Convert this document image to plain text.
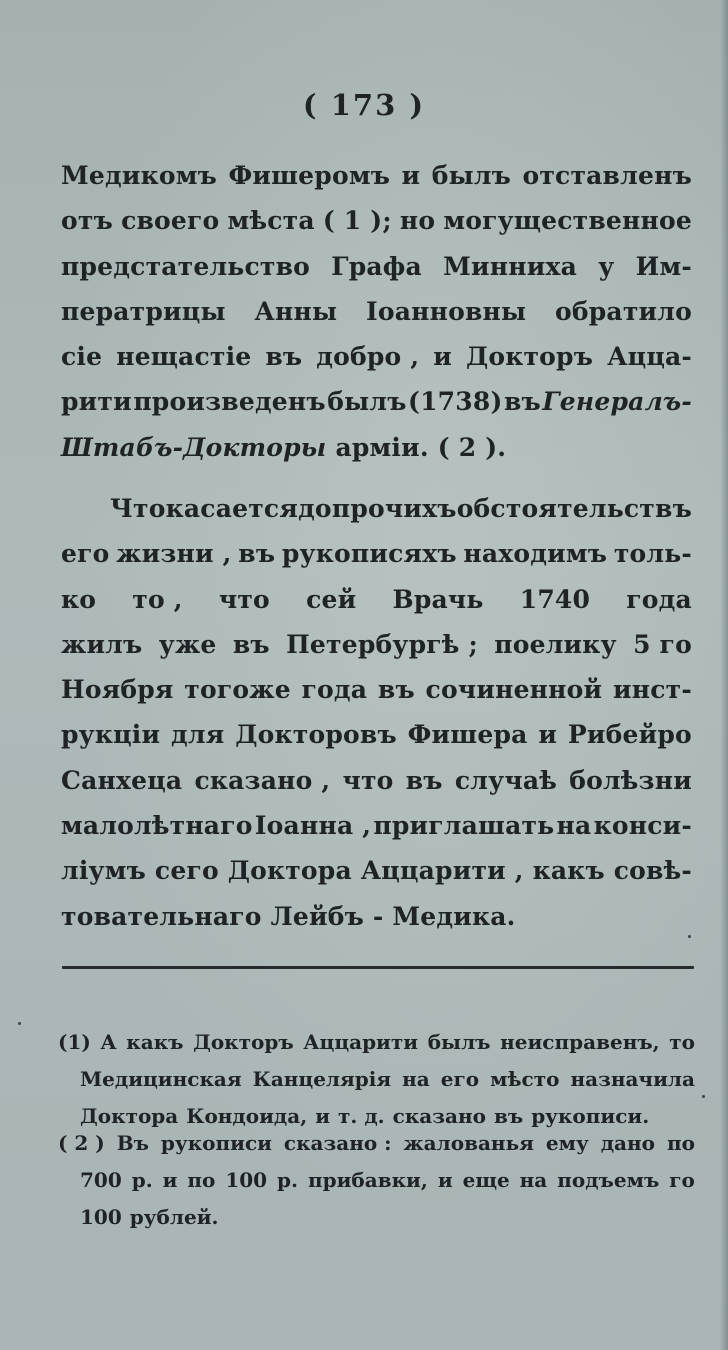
( 173 )
Медикомъ Фишеромъ и былъ отставленъ
отъ своего мѣста ( 1 ); но могущественное
предстательство Графа Минниха у Им-
ператрицы Анны Іоанновны обратило
сіе нещастіе въ добро , и Докторъ Аццa-
рити произведенъ былъ (1738) въ Генералъ-
Штабъ-Докторы арміи. ( 2 ).
Что касается до прочихъ обстоятельствъ
его жизни , въ рукописяхъ находимъ толь-
ко то , что сей Врачь 1740 года
жилъ уже въ Петербургѣ ; поелику 5 го
Ноября тогоже года въ сочиненной инст-
рукціи для Докторовъ Фишера и Рибейро
Санхеца сказано , что въ случаѣ болѣзни
малолѣтнаго Іоанна , приглашать на конси-
ліумъ сего Доктора Аццарити , какъ совѣ-
товательнаго Лейбъ - Медика.
(1) А какъ Докторъ Аццарити былъ неисправенъ, то
Медицинская Канцелярія на его мѣсто назначила
Доктора Кондоида, и т. д. сказано въ рукописи.
( 2 ) Въ рукописи сказано : жалованья ему дано по
700 р. и по 100 р. прибавки, и еще на подъемъ го
100 рублей.
